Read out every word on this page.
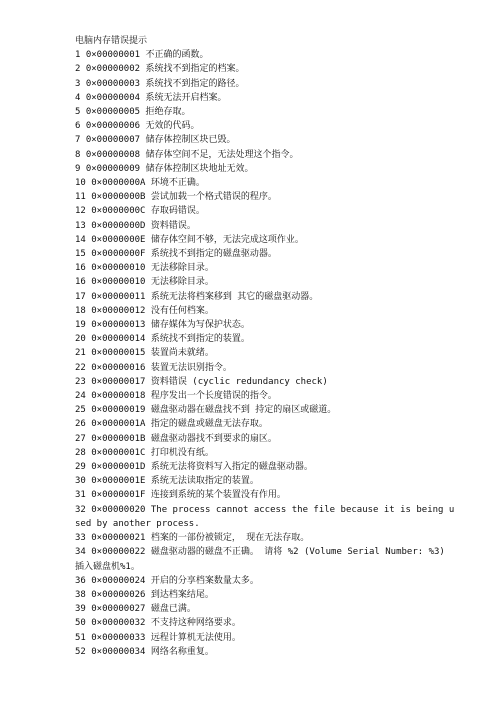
电脑内存错误提示
1 0×00000001 不正确的函数。
2 0×00000002 系统找不到指定的档案。
3 0×00000003 系统找不到指定的路径。
4 0×00000004 系统无法开启档案。
5 0×00000005 拒绝存取。
6 0×00000006 无效的代码。
7 0×00000007 储存体控制区块已毁。
8 0×00000008 储存体空间不足，无法处理这个指令。
9 0×00000009 储存体控制区块地址无效。
10 0×0000000A 环境不正确。
11 0×0000000B 尝试加载一个格式错误的程序。
12 0×0000000C 存取码错误。
13 0×0000000D 资料错误。
14 0×0000000E 储存体空间不够，无法完成这项作业。
15 0×0000000F 系统找不到指定的磁盘驱动器。
16 0×00000010 无法移除目录。
16 0×00000010 无法移除目录。
17 0×00000011 系统无法将档案移到 其它的磁盘驱动器。
18 0×00000012 没有任何档案。
19 0×00000013 储存媒体为写保护状态。
20 0×00000014 系统找不到指定的装置。
21 0×00000015 装置尚未就绪。
22 0×00000016 装置无法识别指令。
23 0×00000017 资料错误 (cyclic redundancy check)
24 0×00000018 程序发出一个长度错误的指令。
25 0×00000019 磁盘驱动器在磁盘找不到 持定的扇区或磁道。
26 0×0000001A 指定的磁盘或磁盘无法存取。
27 0×0000001B 磁盘驱动器找不到要求的扇区。
28 0×0000001C 打印机没有纸。
29 0×0000001D 系统无法将资料写入指定的磁盘驱动器。
30 0×0000001E 系统无法读取指定的装置。
31 0×0000001F 连接到系统的某个装置没有作用。
32 0×00000020 The process cannot access the file because it is being used by another process.
33 0×00000021 档案的一部份被锁定， 现在无法存取。
34 0×00000022 磁盘驱动器的磁盘不正确。 请将 %2 (Volume Serial Number: %3) 插入磁盘机%1。
36 0×00000024 开启的分享档案数量太多。
38 0×00000026 到达档案结尾。
39 0×00000027 磁盘已满。
50 0×00000032 不支持这种网络要求。
51 0×00000033 远程计算机无法使用。
52 0×00000034 网络名称重复。
